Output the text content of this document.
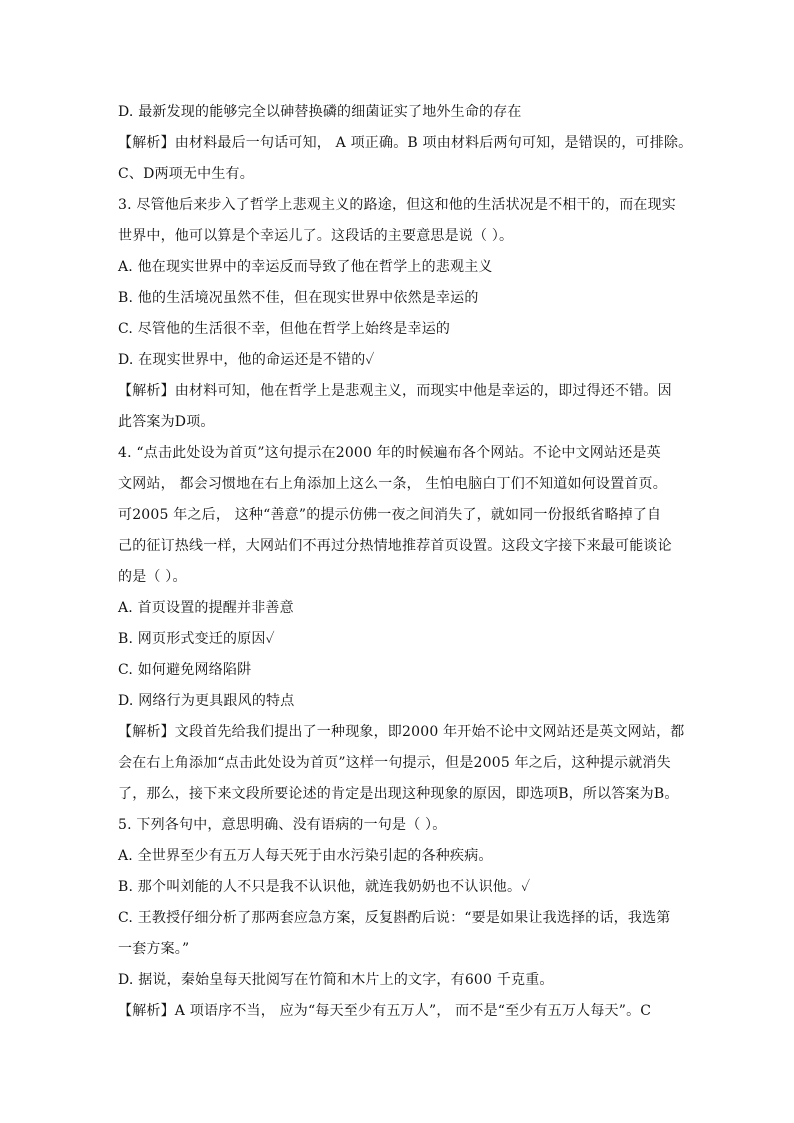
D. 最新发现的能够完全以砷替换磷的细菌证实了地外生命的存在
【解析】由材料最后一句话可知， A 项正确。B 项由材料后两句可知，是错误的，可排除。
C、D两项无中生有。
3. 尽管他后来步入了哲学上悲观主义的路途，但这和他的生活状况是不相干的，而在现实
世界中，他可以算是个幸运儿了。这段话的主要意思是说（ ）。
A. 他在现实世界中的幸运反而导致了他在哲学上的悲观主义
B. 他的生活境况虽然不佳，但在现实世界中依然是幸运的
C. 尽管他的生活很不幸，但他在哲学上始终是幸运的
D. 在现实世界中，他的命运还是不错的✓
【解析】由材料可知，他在哲学上是悲观主义，而现实中他是幸运的，即过得还不错。因
此答案为D项。
4. “点击此处设为首页”这句提示在2000 年的时候遍布各个网站。不论中文网站还是英
文网站， 都会习惯地在右上角添加上这么一条， 生怕电脑白丁们不知道如何设置首页。
可2005 年之后， 这种“善意”的提示仿佛一夜之间消失了，就如同一份报纸省略掉了自
己的征订热线一样，大网站们不再过分热情地推荐首页设置。这段文字接下来最可能谈论
的是（ ）。
A. 首页设置的提醒并非善意
B. 网页形式变迁的原因✓
C. 如何避免网络陷阱
D. 网络行为更具跟风的特点
【解析】文段首先给我们提出了一种现象，即2000 年开始不论中文网站还是英文网站，都
会在右上角添加“点击此处设为首页”这样一句提示，但是2005 年之后，这种提示就消失
了，那么，接下来文段所要论述的肯定是出现这种现象的原因，即选项B，所以答案为B。
5. 下列各句中，意思明确、没有语病的一句是（ ）。
A. 全世界至少有五万人每天死于由水污染引起的各种疾病。
B. 那个叫刘能的人不只是我不认识他，就连我奶奶也不认识他。✓
C. 王教授仔细分析了那两套应急方案，反复斟酌后说：“要是如果让我选择的话，我选第
一套方案。”
D. 据说，秦始皇每天批阅写在竹简和木片上的文字，有600 千克重。
【解析】A 项语序不当， 应为“每天至少有五万人”， 而不是“至少有五万人每天”。C
